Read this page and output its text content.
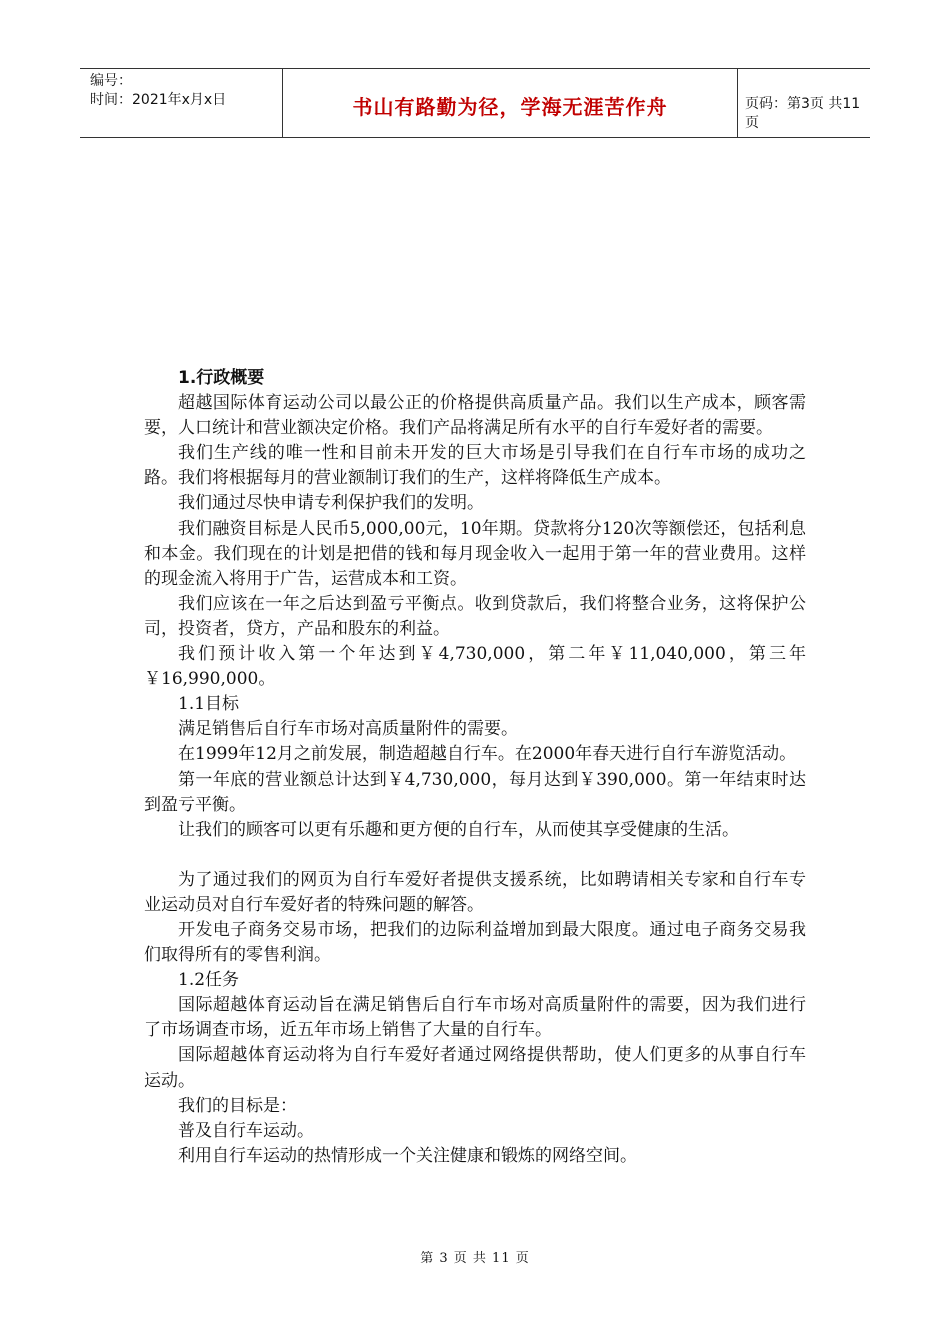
编号：
时间：2021年x月x日	书山有路勤为径，学海无涯苦作舟	页码：第3页 共11页

1.行政概要

超越国际体育运动公司以最公正的价格提供高质量产品。我们以生产成本，顾客需要，人口统计和营业额决定价格。我们产品将满足所有水平的自行车爱好者的需要。

我们生产线的唯一性和目前未开发的巨大市场是引导我们在自行车市场的成功之路。我们将根据每月的营业额制订我们的生产，这样将降低生产成本。

我们通过尽快申请专利保护我们的发明。

我们融资目标是人民币5,000,00元，10年期。贷款将分120次等额偿还，包括利息和本金。我们现在的计划是把借的钱和每月现金收入一起用于第一年的营业费用。这样的现金流入将用于广告，运营成本和工资。

我们应该在一年之后达到盈亏平衡点。收到贷款后，我们将整合业务，这将保护公司，投资者，贷方，产品和股东的利益。

我们预计收入第一个年达到￥4,730,000，第二年￥11,040,000，第三年￥16,990,000。

1.1目标

满足销售后自行车市场对高质量附件的需要。

在1999年12月之前发展，制造超越自行车。在2000年春天进行自行车游览活动。

第一年底的营业额总计达到￥4,730,000，每月达到￥390,000。第一年结束时达到盈亏平衡。

让我们的顾客可以更有乐趣和更方便的自行车，从而使其享受健康的生活。

为了通过我们的网页为自行车爱好者提供支援系统，比如聘请相关专家和自行车专业运动员对自行车爱好者的特殊问题的解答。

开发电子商务交易市场，把我们的边际利益增加到最大限度。通过电子商务交易我们取得所有的零售利润。

1.2任务

国际超越体育运动旨在满足销售后自行车市场对高质量附件的需要，因为我们进行了市场调查市场，近五年市场上销售了大量的自行车。

国际超越体育运动将为自行车爱好者通过网络提供帮助，使人们更多的从事自行车运动。

我们的目标是：

普及自行车运动。

利用自行车运动的热情形成一个关注健康和锻炼的网络空间。

第 3 页 共 11 页
